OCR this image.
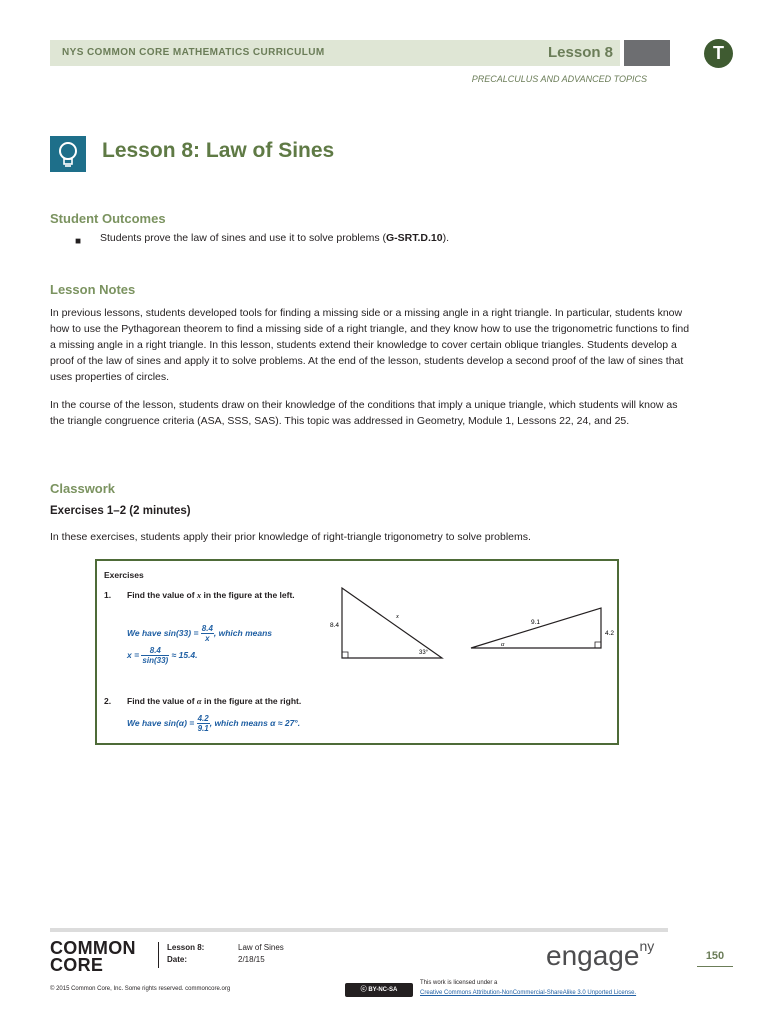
NYS COMMON CORE MATHEMATICS CURRICULUM	Lesson 8	T
PRECALCULUS AND ADVANCED TOPICS
Lesson 8: Law of Sines
Student Outcomes
■ Students prove the law of sines and use it to solve problems (G-SRT.D.10).
Lesson Notes

In previous lessons, students developed tools for finding a missing side or a missing angle in a right triangle. In particular, students know how to use the Pythagorean theorem to find a missing side of a right triangle, and they know how to use the trigonometric functions to find a missing angle in a right triangle. In this lesson, students extend their knowledge to cover certain oblique triangles. Students develop a proof of the law of sines and apply it to solve problems. At the end of the lesson, students develop a second proof of the law of sines that uses properties of circles.

In the course of the lesson, students draw on their knowledge of the conditions that imply a unique triangle, which students will know as the triangle congruence criteria (ASA, SSS, SAS). This topic was addressed in Geometry, Module 1, Lessons 22, 24, and 25.

Classwork
Exercises 1–2 (2 minutes)
In these exercises, students apply their prior knowledge of right-triangle trigonometry to solve problems.
Exercises
1. Find the value of x in the figure at the left.
We have $\sin(33) = \frac{8.4}{x}$ , which means
$x = \frac{8.4}{\sin(33)} \approx 15.4$.
2. Find the value of α in the figure at the right.
We have $\sin(\alpha) = \frac{4.2}{9.1}$ , which means α ≈ 27°.
8.4
x
33°
9.1
4.2
α
COMMON
CORE
Lesson 8:	Law of Sines
Date:	2/18/15	engage$^{ny}$
150
© 2015 Common Core, Inc. Some rights reserved. commoncore.org	ⓒ BY-NC-SA
This work is licensed under a
Creative Commons Attribution-NonCommercial-ShareAlike 3.0 Unported License.
